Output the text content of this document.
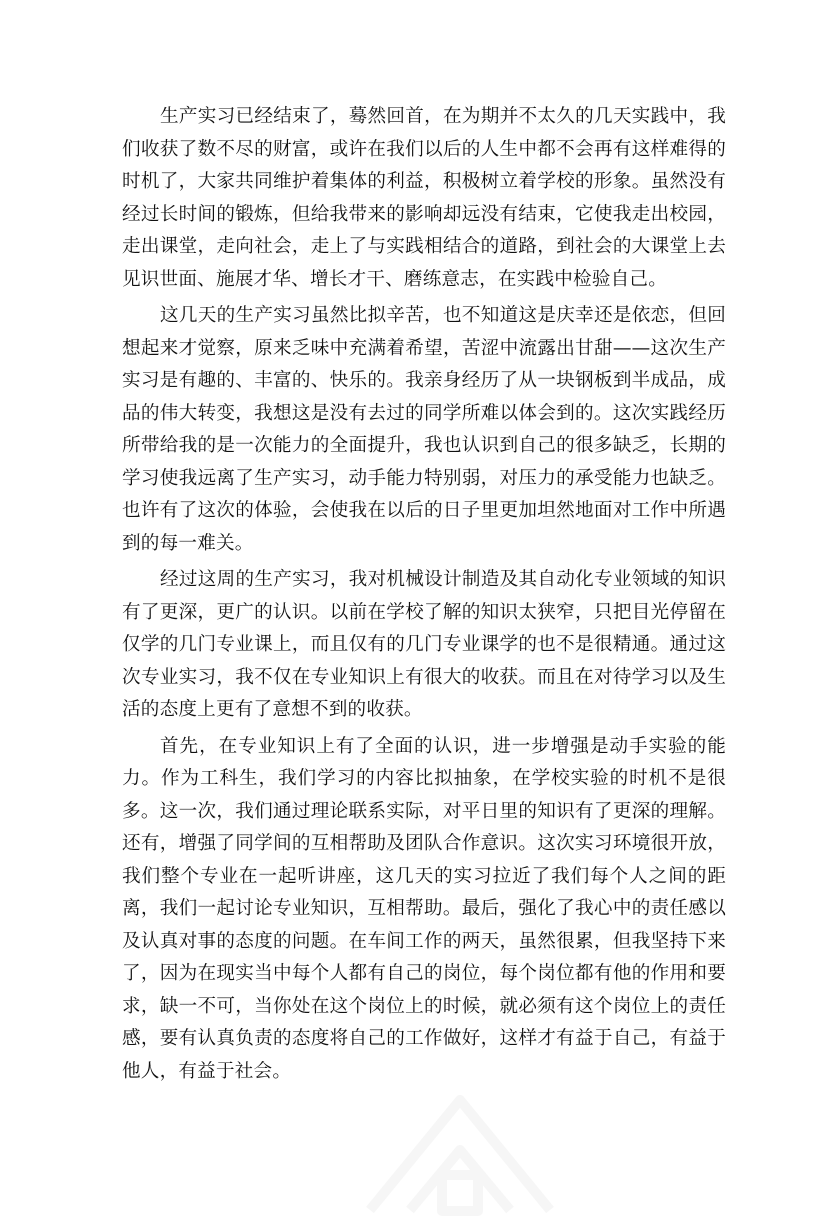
生产实习已经结束了，蓦然回首，在为期并不太久的几天实践中，我们收获了数不尽的财富，或许在我们以后的人生中都不会再有这样难得的时机了，大家共同维护着集体的利益，积极树立着学校的形象。虽然没有经过长时间的锻炼，但给我带来的影响却远没有结束，它使我走出校园，走出课堂，走向社会，走上了与实践相结合的道路，到社会的大课堂上去见识世面、施展才华、增长才干、磨练意志，在实践中检验自己。

这几天的生产实习虽然比拟辛苦，也不知道这是庆幸还是依恋，但回想起来才觉察，原来乏味中充满着希望，苦涩中流露出甘甜——这次生产实习是有趣的、丰富的、快乐的。我亲身经历了从一块钢板到半成品，成品的伟大转变，我想这是没有去过的同学所难以体会到的。这次实践经历所带给我的是一次能力的全面提升，我也认识到自己的很多缺乏，长期的学习使我远离了生产实习，动手能力特别弱，对压力的承受能力也缺乏。也许有了这次的体验，会使我在以后的日子里更加坦然地面对工作中所遇到的每一难关。

经过这周的生产实习，我对机械设计制造及其自动化专业领域的知识有了更深，更广的认识。以前在学校了解的知识太狭窄，只把目光停留在仅学的几门专业课上，而且仅有的几门专业课学的也不是很精通。通过这次专业实习，我不仅在专业知识上有很大的收获。而且在对待学习以及生活的态度上更有了意想不到的收获。

首先，在专业知识上有了全面的认识，进一步增强是动手实验的能力。作为工科生，我们学习的内容比拟抽象，在学校实验的时机不是很多。这一次，我们通过理论联系实际，对平日里的知识有了更深的理解。还有，增强了同学间的互相帮助及团队合作意识。这次实习环境很开放，我们整个专业在一起听讲座，这几天的实习拉近了我们每个人之间的距离，我们一起讨论专业知识，互相帮助。最后，强化了我心中的责任感以及认真对事的态度的问题。在车间工作的两天，虽然很累，但我坚持下来了，因为在现实当中每个人都有自己的岗位，每个岗位都有他的作用和要求，缺一不可，当你处在这个岗位上的时候，就必须有这个岗位上的责任感，要有认真负责的态度将自己的工作做好，这样才有益于自己，有益于他人，有益于社会。
